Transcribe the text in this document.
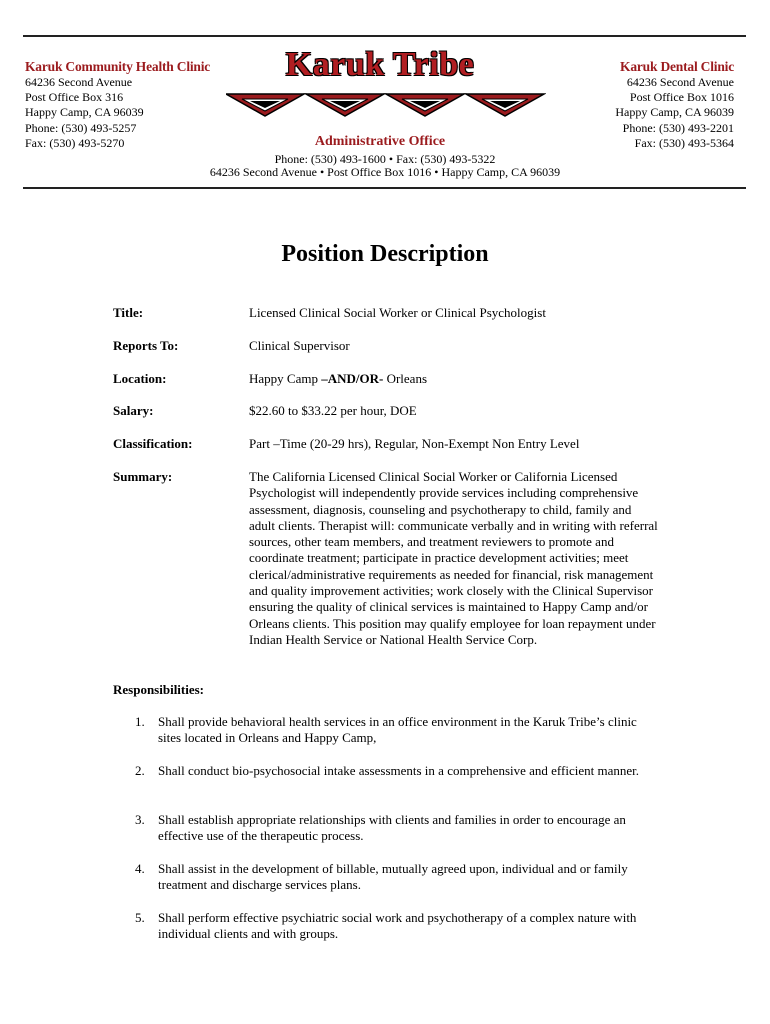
Karuk Community Health Clinic
64236 Second Avenue
Post Office Box 316
Happy Camp, CA 96039
Phone: (530) 493-5257
Fax: (530) 493-5270
Karuk Tribe
Administrative Office
Phone: (530) 493-1600 • Fax: (530) 493-5322
64236 Second Avenue • Post Office Box 1016 • Happy Camp, CA 96039
Karuk Dental Clinic
64236 Second Avenue
Post Office Box 1016
Happy Camp, CA 96039
Phone: (530) 493-2201
Fax: (530) 493-5364
Position Description
Title:	Licensed Clinical Social Worker or Clinical Psychologist
Reports To:	Clinical Supervisor
Location:	Happy Camp –AND/OR- Orleans
Salary:	$22.60 to $33.22 per hour, DOE
Classification:	Part –Time (20-29 hrs), Regular, Non-Exempt Non Entry Level
Summary:	The California Licensed Clinical Social Worker or California Licensed Psychologist will independently provide services including comprehensive assessment, diagnosis, counseling and psychotherapy to child, family and adult clients. Therapist will: communicate verbally and in writing with referral sources, other team members, and treatment reviewers to promote and coordinate treatment; participate in practice development activities; meet clerical/administrative requirements as needed for financial, risk management and quality improvement activities; work closely with the Clinical Supervisor ensuring the quality of clinical services is maintained to Happy Camp and/or Orleans clients. This position may qualify employee for loan repayment under Indian Health Service or National Health Service Corp.
Responsibilities:
1. Shall provide behavioral health services in an office environment in the Karuk Tribe’s clinic sites located in Orleans and Happy Camp,
2. Shall conduct bio-psychosocial intake assessments in a comprehensive and efficient manner.
3. Shall establish appropriate relationships with clients and families in order to encourage an effective use of the therapeutic process.
4. Shall assist in the development of billable, mutually agreed upon, individual and or family treatment and discharge services plans.
5. Shall perform effective psychiatric social work and psychotherapy of a complex nature with individual clients and with groups.
